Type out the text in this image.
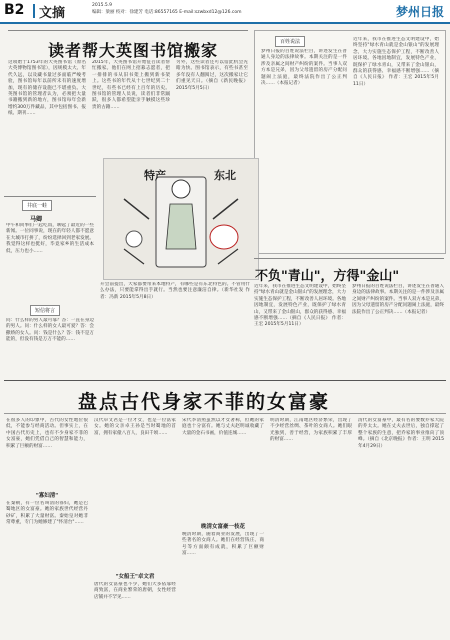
B2 文摘
2015.5.9
编辑：梁丽 校对：徐建芳 电话:86557165 E-mail:szwbxd12@126.com	梦州日报
读者帮大英图书馆搬家
这项始于1753年的大英图书馆（原名大英博物馆图书馆），因规模太大、年代久远，以及藏书量过多面临严峻考验，图书馆每年以前所未有的速度增加，现有的储存设施已不堪重负。大英图书馆的管理者认为，必须把大量书籍搬到新的地方，图书馆每年会新增约300万件藏品，其中包括图书、报纸、期刊……
2015年，大英图书馆开始征召读者帮忙搬家。他们在网上招募志愿者，把一排排的书从旧书架上搬到新书架上。这些书的年代从十七世纪到二十世纪，有些书已经有上百年的历史。图书馆的管理人员说，读者们非常踊跃，很多人都希望能亲手触摸这些珍贵的古籍……
另外，这些读者还可以借此机会先睹为快。图书馆表示，有些书甚至多年没有人翻阅过，这次搬家让它们重见天日。（摘自《新民晚报》2015年5月5日）
百姓说法
梦州日报的百姓说法栏目，讲述发生在普通人身边的法律故事。本期关注的是一件涉及亲属之间财产纠纷的案件。当事人双方本是兄弟，因为父母遗留的房产分配问题闹上法庭，最终法院作出了公正判决……（本报记者）
近年来，我市在推进生态文明建设中，始终坚持"绿水青山就是金山银山"的发展理念，大力实施生态保护工程，不断改善人居环境。各地因地制宜，发展特色产业，既保护了绿水青山，又带来了金山银山，群众的获得感、幸福感不断增强……（摘自《人民日报》 作者：王宏 2015年5月11日）
井底一蛙
马卿
中午和同事们一起吃饭，聊起了最近的一些新闻。一位同事说，现在的年轻人都不愿意在大城市打拼了，纷纷选择回到老家发展。我觉得这样也挺好，毕竟家乡的生活成本低，压力也小……
短信将言
问：什么样的男人最可靠？答：一直在身边的男人。问：什么样的女人最可爱？答：会撒娇的女人。问：钱是什么？答：钱不是万能的，但没有钱是万万不能的……
特产	东北
开会前提出，大家都要带来本地特产，有哪些是有东北特色的。不管用什么办法，只要能拿得出手就行。当然也要注意廉洁自律。（新华社发 作者：冯新 2015年5月8日）
不负"青山"，方得"金山"
近年来，我市在推进生态文明建设中，始终坚持"绿水青山就是金山银山"的发展理念，大力实施生态保护工程，不断改善人居环境。各地因地制宜，发展特色产业，既保护了绿水青山，又带来了金山银山，群众的获得感、幸福感不断增强……（摘自《人民日报》 作者：王宏 2015年5月11日）
梦州日报的百姓说法栏目，讲述发生在普通人身边的法律故事。本期关注的是一件涉及亲属之间财产纠纷的案件。当事人双方本是兄弟，因为父母遗留的房产分配问题闹上法庭，最终法院作出了公正判决……（本报记者）
盘点古代身家不菲的女富豪
在很多人的印象中，古代的女性地位很低，不能参与经商活动。但事实上，在中国古代历史上，也有不少身家不菲的女富豪，她们凭借自己的智慧和能力，积累了巨额的财富……
"寡妇清"
在秦朝，有一位名叫清的寡妇，她是巴蜀地区的女富豪。她的家族世代经营丹砂矿，积累了大量财富。秦始皇对她非常尊重，专门为她修建了"怀清台"……
汉代卓文君是一位才女，也是一位富家女。她的父亲卓王孙是当时蜀地的首富，拥有家僮八百人，良田千顷……
"女船王"卓文君
唐代的女富豪也不少，她们大多依靠经商致富，在商业繁荣的唐朝，女性经营店铺并不罕见……
宋代李清照虽然以才女著称，但她的家庭也十分富有。她与丈夫赵明诚收藏了大量的金石书画，价值连城……
晚清女富豪一枝花
晚清时期，随着商业的发展，出现了一些著名的女商人。她们在经营钱庄、商号等方面颇有成就，积累了巨额财富……
明清时期，江南地区经济繁荣，出现了不少经营丝绸、茶叶的女商人。她们眼光独到，善于经营，为家族积累了丰厚的财富……
清代的女富豪中，最有名的要数乔家大院的乔太太。她在丈夫去世后，独自撑起了整个家族的生意，把乔家的事业推向了顶峰。（摘自《北京晚报》作者：王明 2015年4月29日）
